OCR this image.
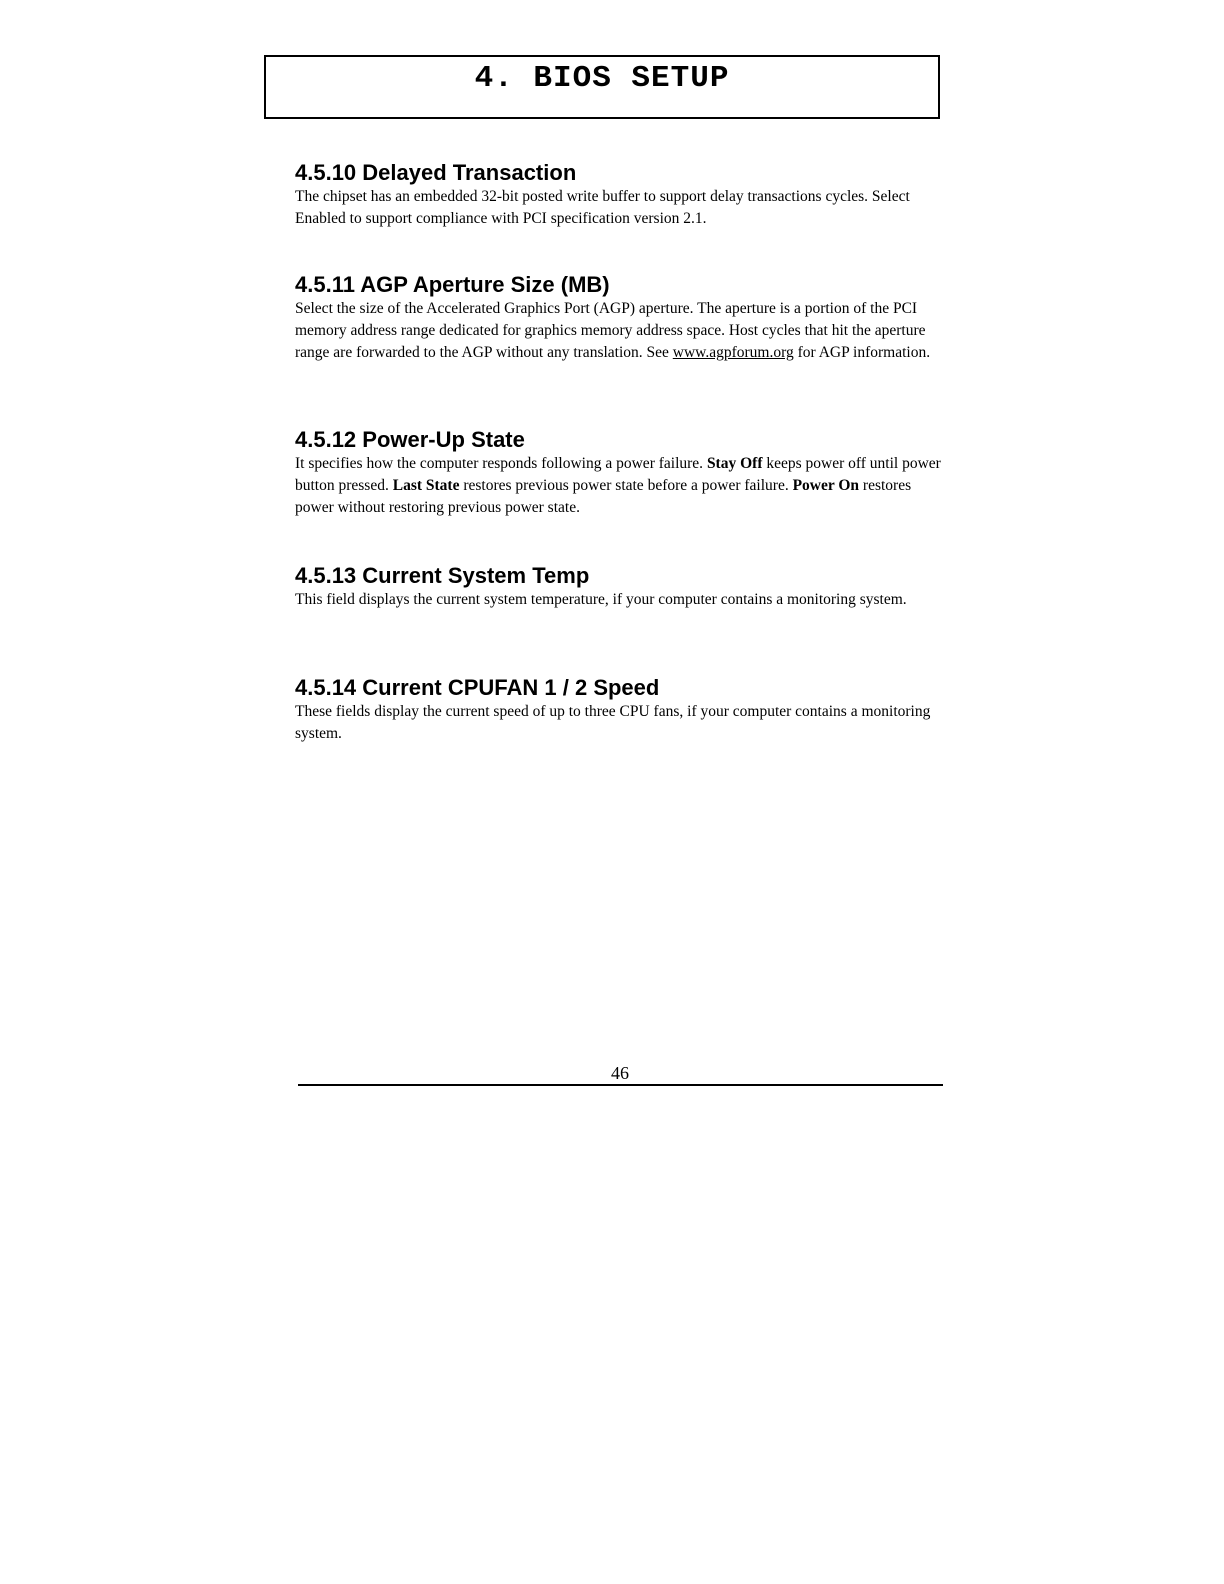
4. BIOS SETUP
4.5.10 Delayed Transaction

The chipset has an embedded 32-bit posted write buffer to support delay transactions cycles. Select Enabled to support compliance with PCI specification version 2.1.

4.5.11 AGP Aperture Size (MB)

Select the size of the Accelerated Graphics Port (AGP) aperture. The aperture is a portion of the PCI memory address range dedicated for graphics memory address space. Host cycles that hit the aperture range are forwarded to the AGP without any translation. See www.agpforum.org for AGP information.

4.5.12 Power-Up State

It specifies how the computer responds following a power failure. Stay Off keeps power off until power button pressed. Last State restores previous power state before a power failure. Power On restores power without restoring previous power state.

4.5.13 Current System Temp

This field displays the current system temperature, if your computer contains a monitoring system.

4.5.14 Current CPUFAN 1 / 2 Speed

These fields display the current speed of up to three CPU fans, if your computer contains a monitoring system.

46
